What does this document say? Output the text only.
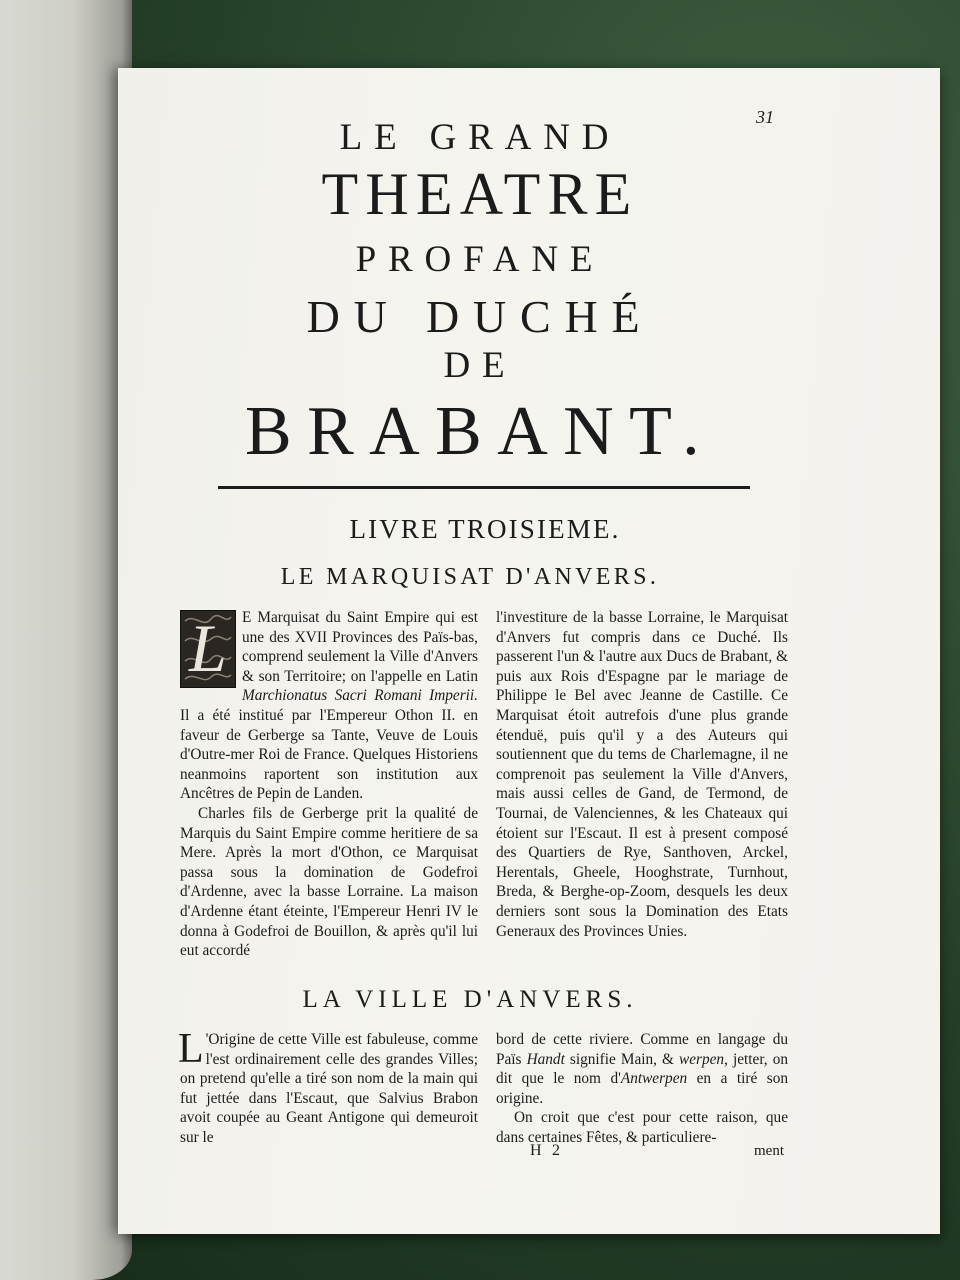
31
LE GRAND
THEATRE
PROFANE
DU DUCHÉ
DE
BRABANT.
LIVRE TROISIEME.
LE MARQUISAT D'ANVERS.

L E Marquisat du Saint Empire qui est une des XVII Provinces des Païs-bas, comprend seulement la Ville d'Anvers & son Territoire; on l'appelle en Latin Marchionatus Sacri Romani Imperii. Il a été institué par l'Empereur Othon II. en faveur de Gerberge sa Tante, Veuve de Louis d'Outre-mer Roi de France. Quelques Historiens neanmoins raportent son institution aux Ancêtres de Pepin de Landen.

Charles fils de Gerberge prit la qualité de Marquis du Saint Empire comme heritiere de sa Mere. Après la mort d'Othon, ce Marquisat passa sous la domination de Godefroi d'Ardenne, avec la basse Lorraine. La maison d'Ardenne étant éteinte, l'Empereur Henri IV le donna à Godefroi de Bouillon, & après qu'il lui eut accordé

l'investiture de la basse Lorraine, le Marquisat d'Anvers fut compris dans ce Duché. Ils passerent l'un & l'autre aux Ducs de Brabant, & puis aux Rois d'Espagne par le mariage de Philippe le Bel avec Jeanne de Castille. Ce Marquisat étoit autrefois d'une plus grande étenduë, puis qu'il y a des Auteurs qui soutiennent que du tems de Charlemagne, il ne comprenoit pas seulement la Ville d'Anvers, mais aussi celles de Gand, de Termond, de Tournai, de Valenciennes, & les Chateaux qui étoient sur l'Escaut. Il est à present composé des Quartiers de Rye, Santhoven, Arckel, Herentals, Gheele, Hooghstrate, Turnhout, Breda, & Berghe-op-Zoom, desquels les deux derniers sont sous la Domination des Etats Generaux des Provinces Unies.

LA VILLE D'ANVERS.

L 'Origine de cette Ville est fabuleuse, comme l'est ordinairement celle des grandes Villes; on pretend qu'elle a tiré son nom de la main qui fut jettée dans l'Escaut, que Salvius Brabon avoit coupée au Geant Antigone qui demeuroit sur le

bord de cette riviere. Comme en langage du Païs Handt signifie Main, & werpen, jetter, on dit que le nom d'Antwerpen en a tiré son origine.

On croit que c'est pour cette raison, que dans certaines Fêtes, & particuliere-

H 2	ment
